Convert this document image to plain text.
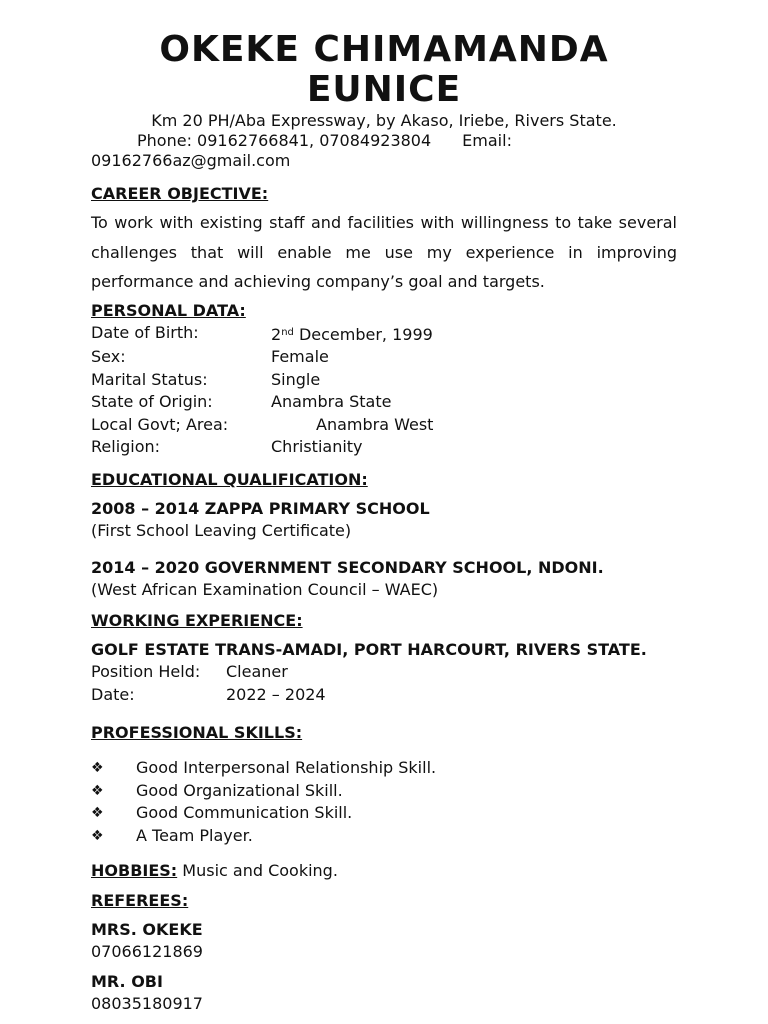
OKEKE CHIMAMANDA EUNICE
Km 20 PH/Aba Expressway, by Akaso, Iriebe, Rivers State.
Phone: 09162766841, 07084923804 Email:
09162766az@gmail.com
CAREER OBJECTIVE:
To work with existing staff and facilities with willingness to take several challenges that will enable me use my experience in improving performance and achieving company’s goal and targets.
PERSONAL DATA:
Date of Birth:	2nd December, 1999
Sex:	Female
Marital Status:	Single
State of Origin:	Anambra State
Local Govt; Area:	Anambra West
Religion:	Christianity
EDUCATIONAL QUALIFICATION:
2008 – 2014 ZAPPA PRIMARY SCHOOL
(First School Leaving Certificate)
2014 – 2020 GOVERNMENT SECONDARY SCHOOL, NDONI.
(West African Examination Council – WAEC)
WORKING EXPERIENCE:
GOLF ESTATE TRANS-AMADI, PORT HARCOURT, RIVERS STATE.
Position Held:	Cleaner
Date:	2022 – 2024
PROFESSIONAL SKILLS:
❖	Good Interpersonal Relationship Skill.
❖	Good Organizational Skill.
❖	Good Communication Skill.
❖	A Team Player.
HOBBIES: Music and Cooking.
REFEREES:
MRS. OKEKE
07066121869
MR. OBI
08035180917
